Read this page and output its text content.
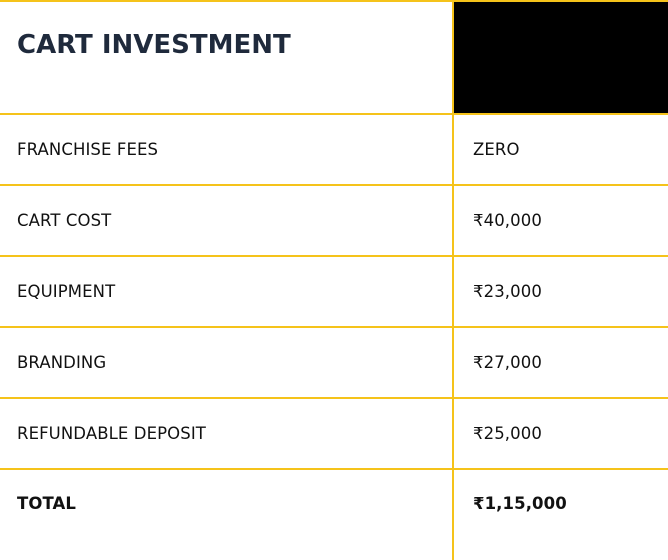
CART INVESTMENT
FRANCHISE FEES	ZERO
CART COST	₹40,000
EQUIPMENT	₹23,000
BRANDING	₹27,000
REFUNDABLE DEPOSIT	₹25,000
TOTAL	₹1,15,000
